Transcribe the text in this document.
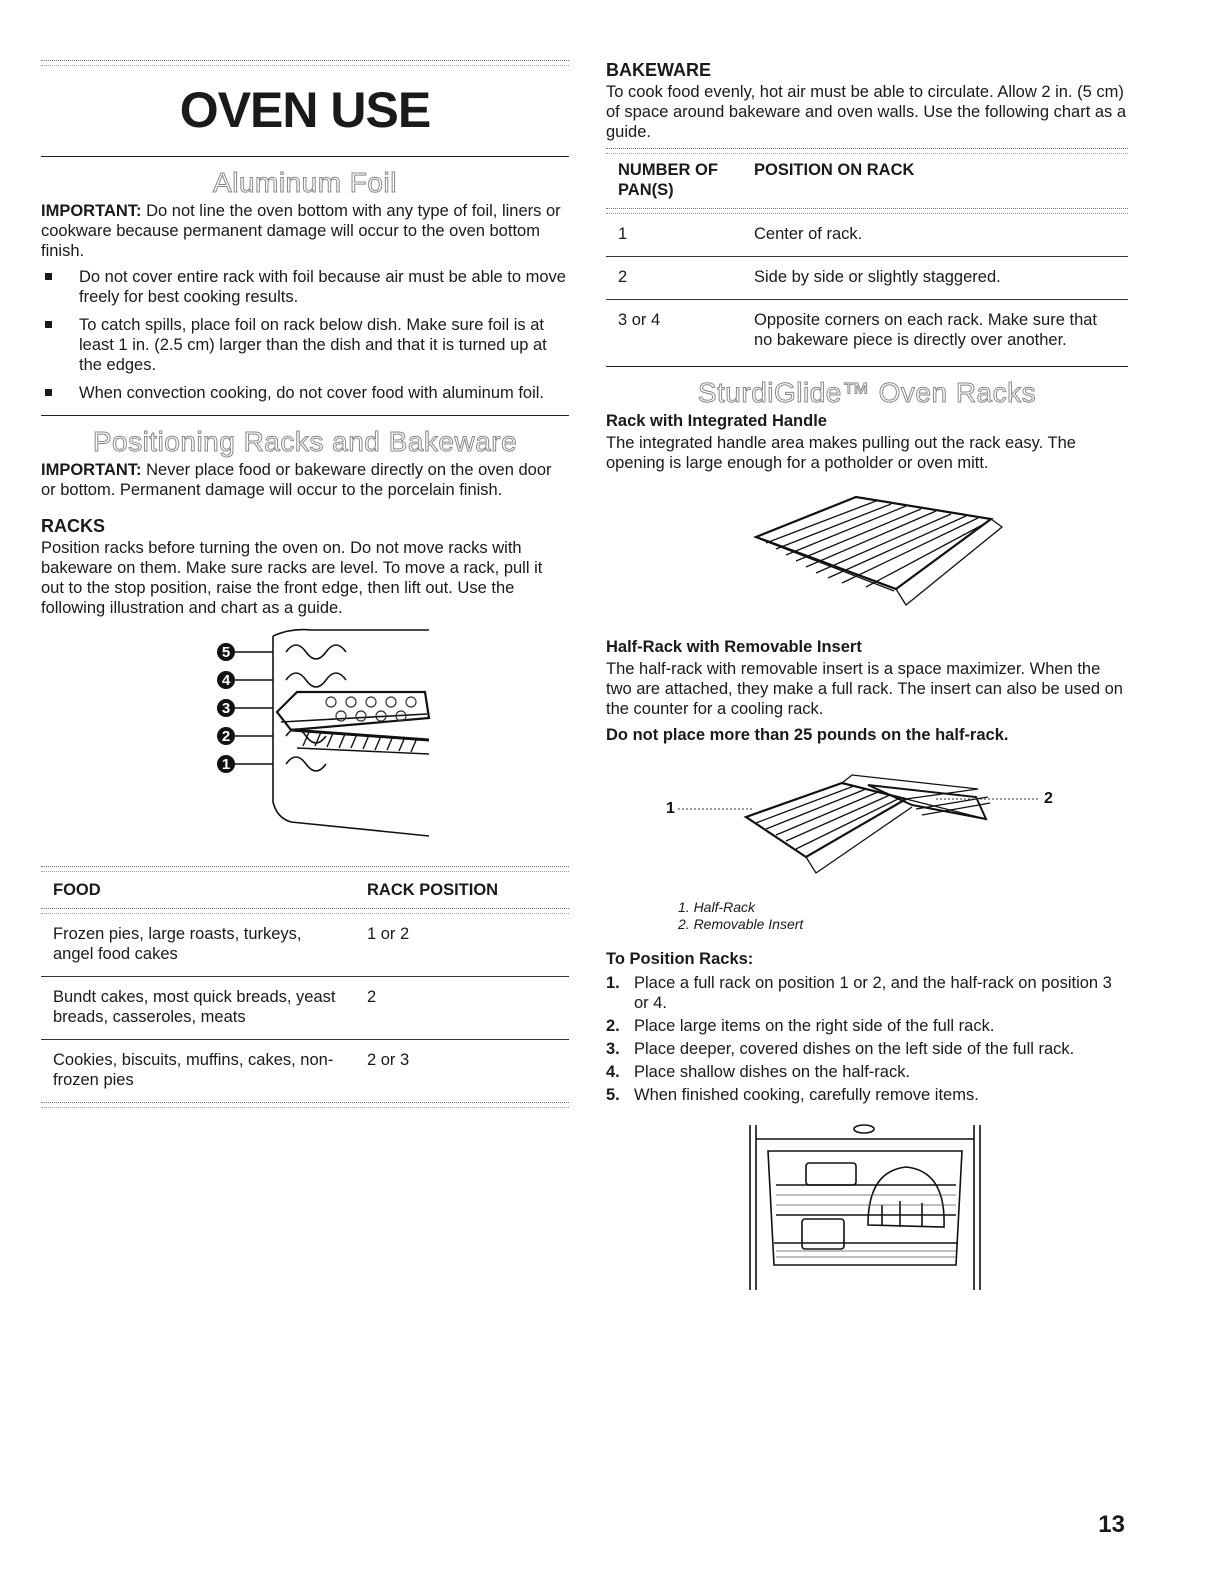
OVEN USE
Aluminum Foil

IMPORTANT: Do not line the oven bottom with any type of foil, liners or cookware because permanent damage will occur to the oven bottom finish.

Do not cover entire rack with foil because air must be able to move freely for best cooking results.
To catch spills, place foil on rack below dish. Make sure foil is at least 1 in. (2.5 cm) larger than the dish and that it is turned up at the edges.
When convection cooking, do not cover food with aluminum foil.
Positioning Racks and Bakeware

IMPORTANT: Never place food or bakeware directly on the oven door or bottom. Permanent damage will occur to the porcelain finish.

RACKS

Position racks before turning the oven on. Do not move racks with bakeware on them. Make sure racks are level. To move a rack, pull it out to the stop position, raise the front edge, then lift out. Use the following illustration and chart as a guide.

5
4
3
2
1
FOOD	RACK POSITION

Frozen pies, large roasts, turkeys, angel food cakes	1 or 2
Bundt cakes, most quick breads, yeast breads, casseroles, meats	2
Cookies, biscuits, muffins, cakes, non-frozen pies	2 or 3
BAKEWARE

To cook food evenly, hot air must be able to circulate. Allow 2 in. (5 cm) of space around bakeware and oven walls. Use the following chart as a guide.

NUMBER OF PAN(S)	POSITION ON RACK

1	Center of rack.
2	Side by side or slightly staggered.
3 or 4	Opposite corners on each rack. Make sure that no bakeware piece is directly over another.
SturdiGlide™ Oven Racks
Rack with Integrated Handle

The integrated handle area makes pulling out the rack easy. The opening is large enough for a potholder or oven mitt.

Half-Rack with Removable Insert

The half-rack with removable insert is a space maximizer. When the two are attached, they make a full rack. The insert can also be used on the counter for a cooling rack.

Do not place more than 25 pounds on the half-rack.

1
2
1. Half-Rack
2. Removable Insert
To Position Racks:
1. Place a full rack on position 1 or 2, and the half-rack on position 3 or 4.
2. Place large items on the right side of the full rack.
3. Place deeper, covered dishes on the left side of the full rack.
4. Place shallow dishes on the half-rack.
5. When finished cooking, carefully remove items.
13
